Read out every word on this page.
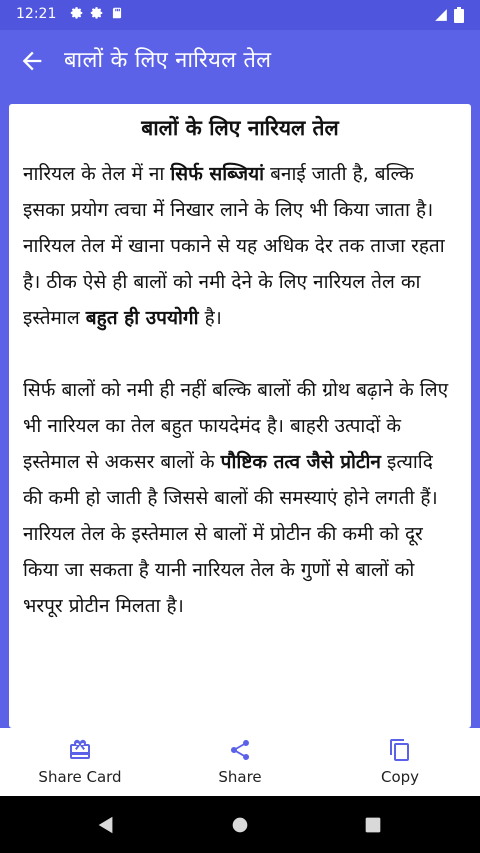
12:21
बालों के लिए नारियल तेल
बालों के लिए नारियल तेल

नारियल के तेल में ना सिर्फ सब्जियां बनाई जाती है, बल्कि इसका प्रयोग त्वचा में निखार लाने के लिए भी किया जाता है। नारियल तेल में खाना पकाने से यह अधिक देर तक ताजा रहता है। ठीक ऐसे ही बालों को नमी देने के लिए नारियल तेल का इस्तेमाल बहुत ही उपयोगी है।

सिर्फ बालों को नमी ही नहीं बल्कि बालों की ग्रोथ बढ़ाने के लिए भी नारियल का तेल बहुत फायदेमंद है। बाहरी उत्पादों के इस्तेमाल से अकसर बालों के पौष्टिक तत्व जैसे प्रोटीन इत्यादि की कमी हो जाती है जिससे बालों की समस्याएं होने लगती हैं। नारियल तेल के इस्तेमाल से बालों में प्रोटीन की कमी को दूर किया जा सकता है यानी नारियल तेल के गुणों से बालों को भरपूर प्रोटीन मिलता है।

Share Card	Share	Copy
